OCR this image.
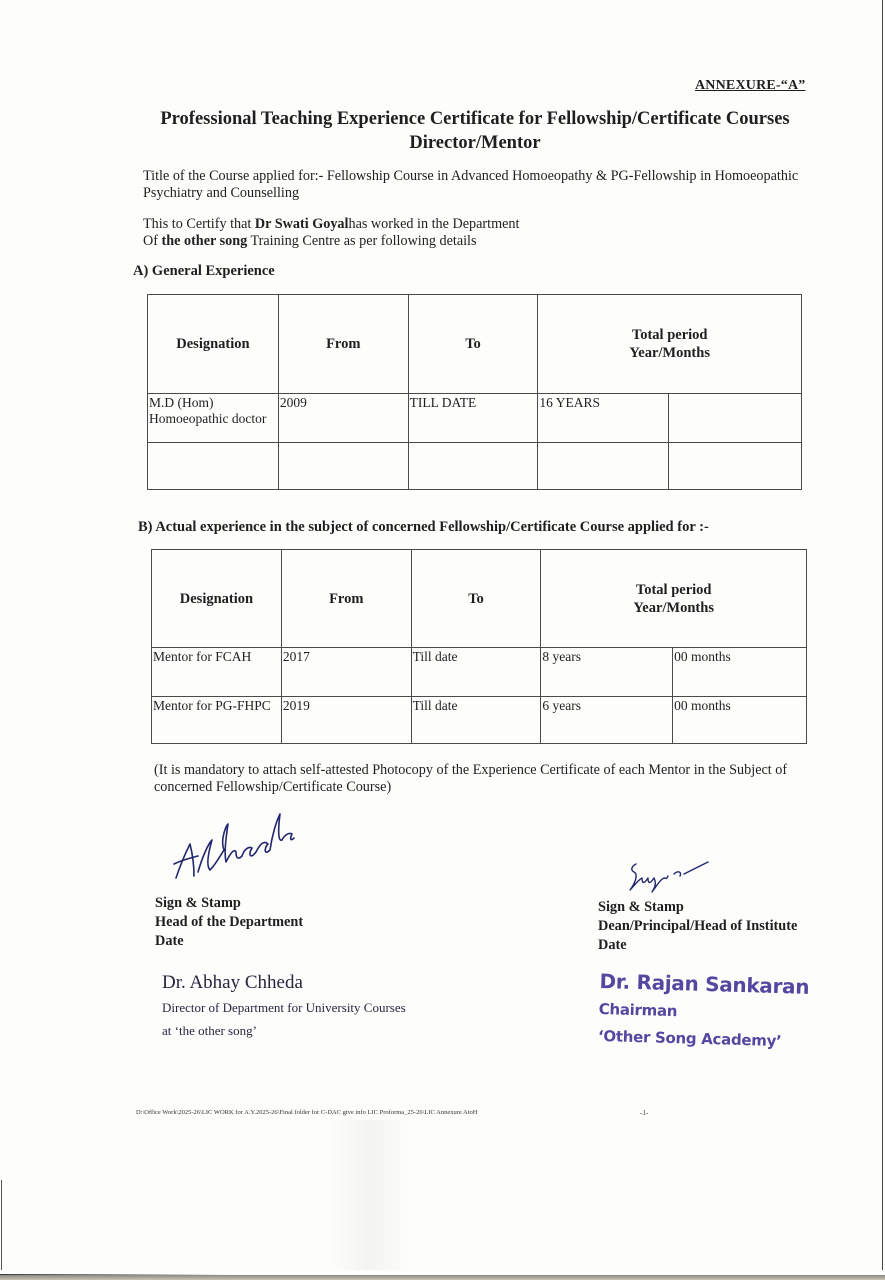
ANNEXURE-“A”
Professional Teaching Experience Certificate for Fellowship/Certificate Courses
Director/Mentor
Title of the Course applied for:- Fellowship Course in Advanced Homoeopathy & PG-Fellowship in Homoeopathic Psychiatry and Counselling
This to Certify that Dr Swati Goyalhas worked in the Department
Of the other song Training Centre as per following details
A) General Experience
Designation	From	To	Total period
Year/Months	

M.D (Hom)
Homoeopathic doctor	2009	TILL DATE	16 YEARS	

B) Actual experience in the subject of concerned Fellowship/Certificate Course applied for :-
Designation	From	To	Total period
Year/Months	

Mentor for FCAH	2017	Till date	8 years	00 months
Mentor for PG-FHPC	2019	Till date	6 years	00 months
(It is mandatory to attach self-attested Photocopy of the Experience Certificate of each Mentor in the Subject of concerned Fellowship/Certificate Course)
Sign & Stamp
Head of the Department
Date
Sign & Stamp
Dean/Principal/Head of Institute
Date
Dr. Abhay Chheda
Director of Department for University Courses
at ‘the other song’
Dr. Rajan Sankaran
Chairman
‘Other Song Academy’
D:\Office Work\2025-26\LIC WORK for A.Y.2025-26\Final folder for C-DAC give info LIC Proforma_25-26\LIC Annexure AtoH	-1-
